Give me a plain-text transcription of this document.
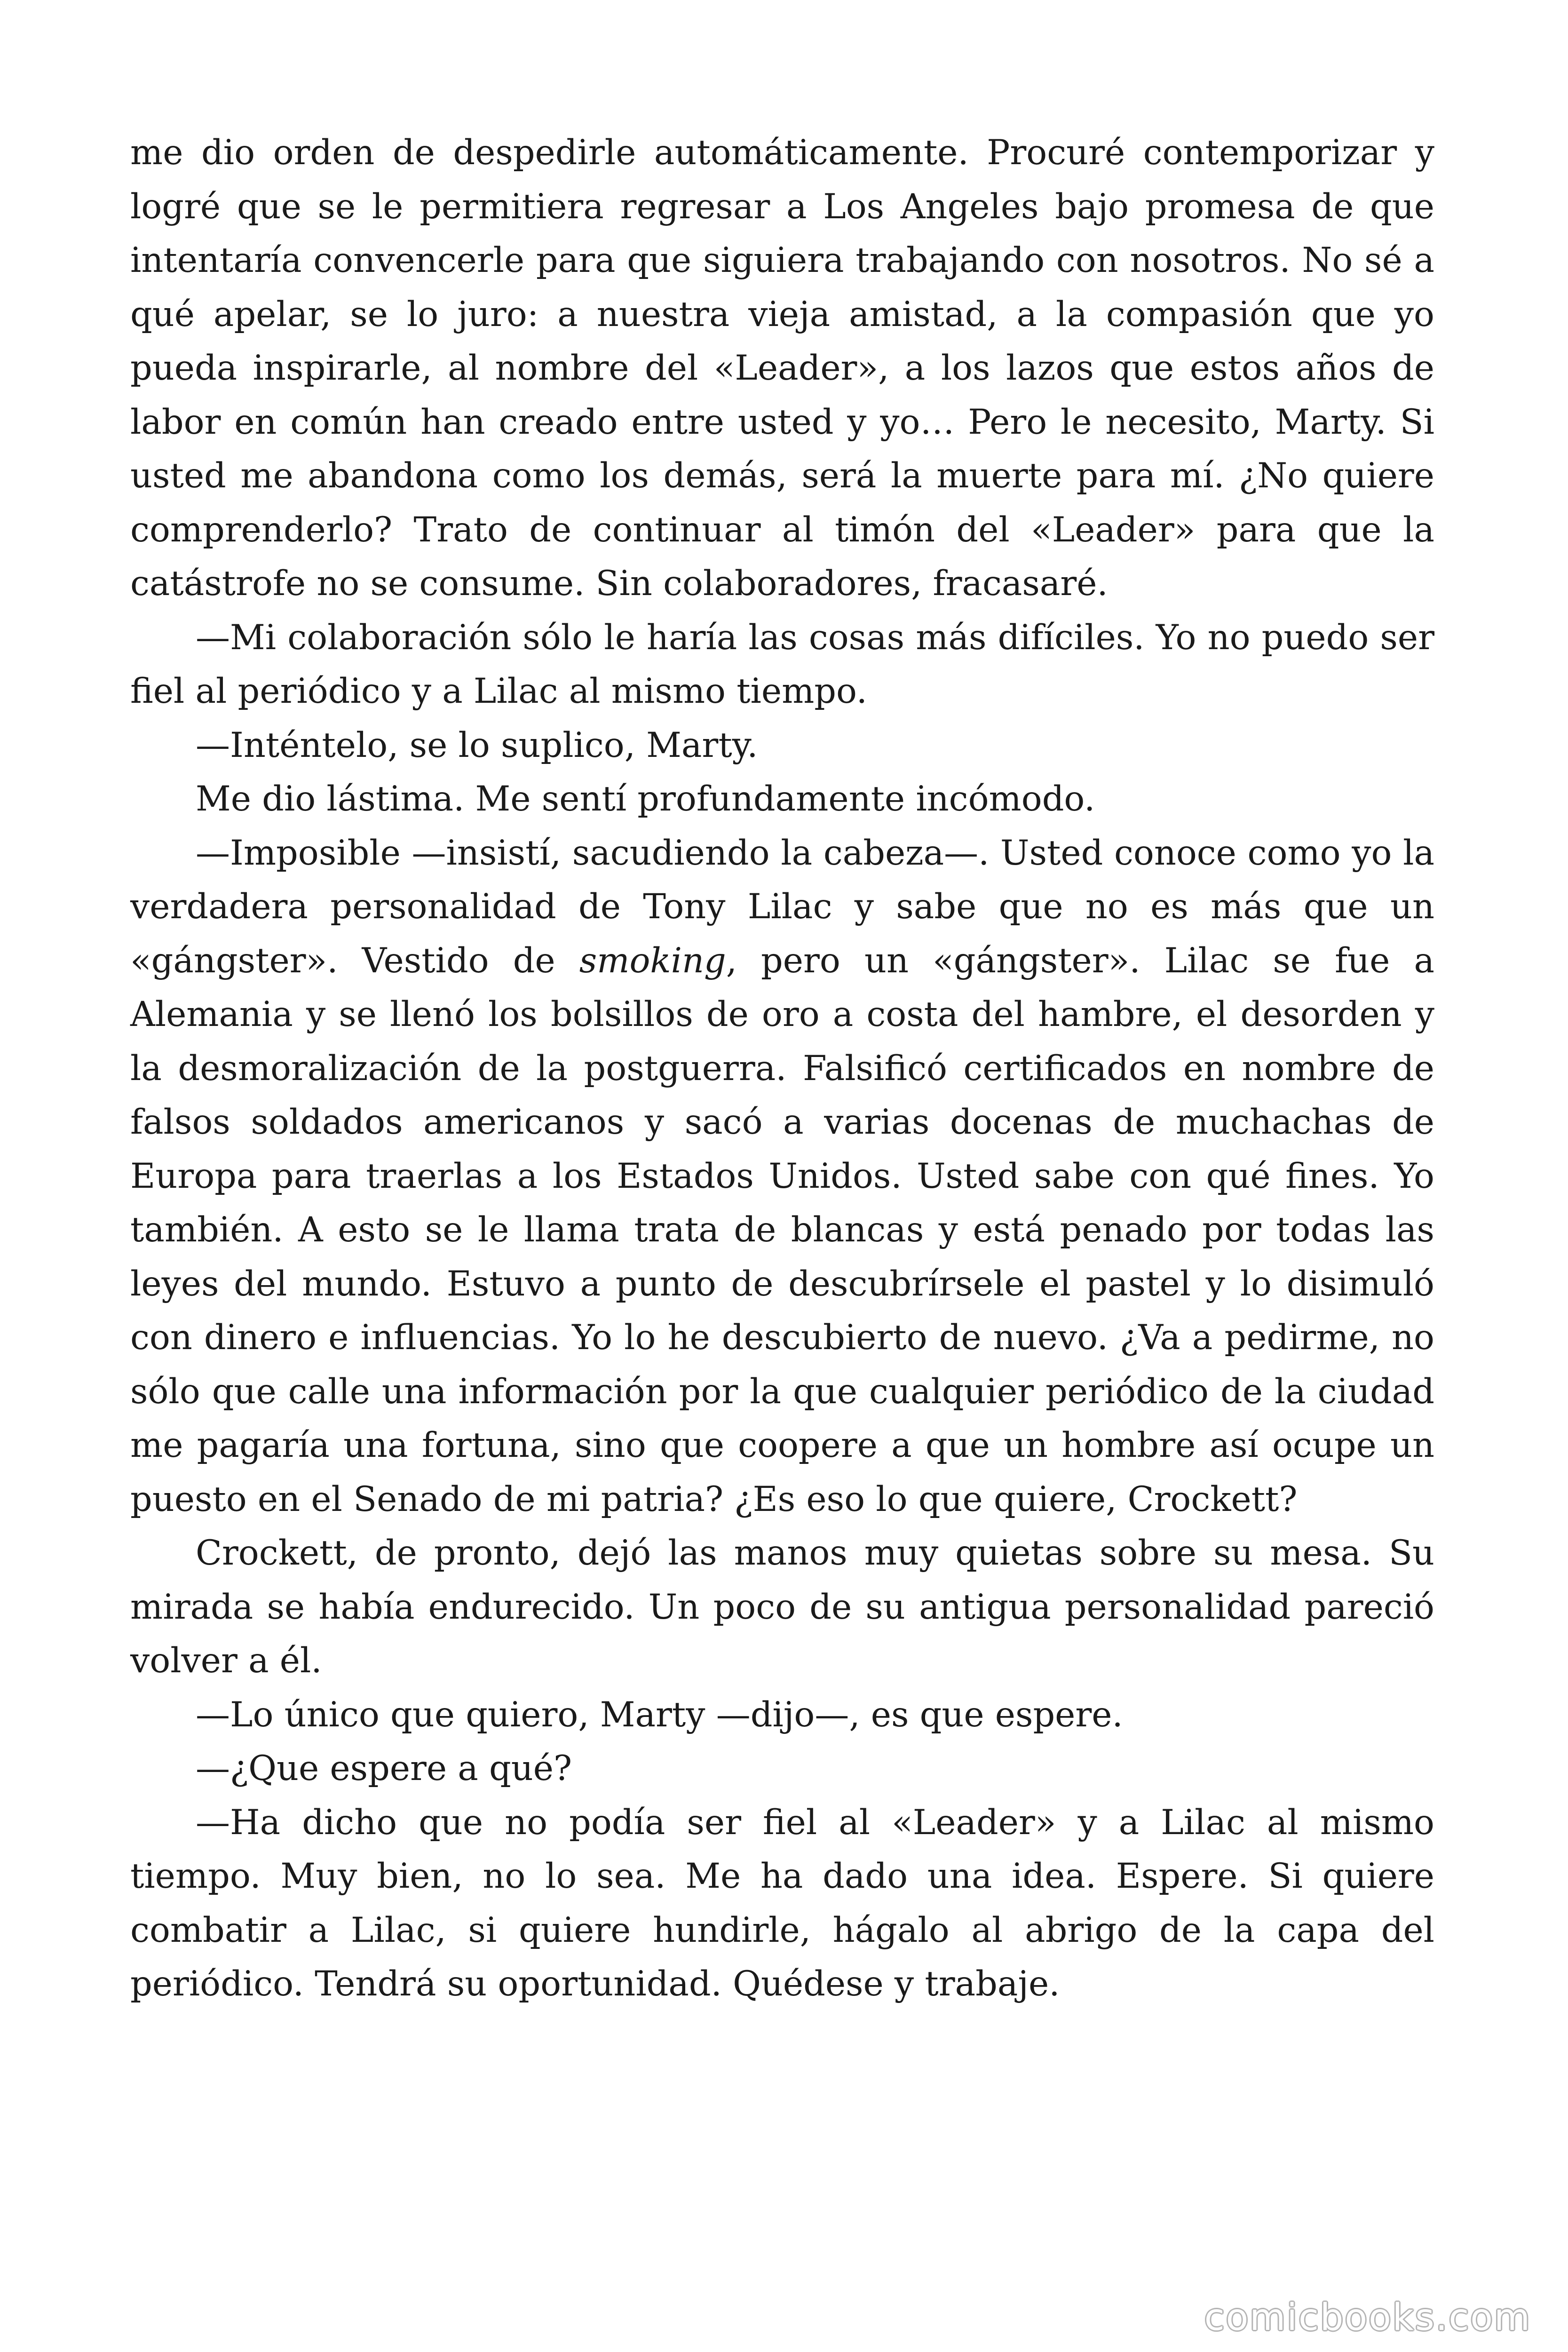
me dio orden de despedirle automáticamente. Procuré contemporizar y logré que se le permitiera regresar a Los Angeles bajo promesa de que intentaría convencerle para que siguiera trabajando con nosotros. No sé a qué apelar, se lo juro: a nuestra vieja amistad, a la compasión que yo pueda inspirarle, al nombre del «Leader», a los lazos que estos años de labor en común han creado entre usted y yo… Pero le necesito, Marty. Si usted me abandona como los demás, será la muerte para mí. ¿No quiere comprenderlo? Trato de continuar al timón del «Leader» para que la catástrofe no se consume. Sin colaboradores, fracasaré.

—Mi colaboración sólo le haría las cosas más difíciles. Yo no puedo ser fiel al periódico y a Lilac al mismo tiempo.

—Inténtelo, se lo suplico, Marty.

Me dio lástima. Me sentí profundamente incómodo.

—Imposible —insistí, sacudiendo la cabeza—. Usted conoce como yo la verdadera personalidad de Tony Lilac y sabe que no es más que un «gángster». Vestido de smoking, pero un «gángster». Lilac se fue a Alemania y se llenó los bolsillos de oro a costa del hambre, el desorden y la desmoralización de la postguerra. Falsificó certificados en nombre de falsos soldados americanos y sacó a varias docenas de muchachas de Europa para traerlas a los Estados Unidos. Usted sabe con qué fines. Yo también. A esto se le llama trata de blancas y está penado por todas las leyes del mundo. Estuvo a punto de descubrírsele el pastel y lo disimuló con dinero e influencias. Yo lo he descubierto de nuevo. ¿Va a pedirme, no sólo que calle una información por la que cualquier periódico de la ciudad me pagaría una fortuna, sino que coopere a que un hombre así ocupe un puesto en el Senado de mi patria? ¿Es eso lo que quiere, Crockett?

Crockett, de pronto, dejó las manos muy quietas sobre su mesa. Su mirada se había endurecido. Un poco de su antigua personalidad pareció volver a él.

—Lo único que quiero, Marty —dijo—, es que espere.

—¿Que espere a qué?

—Ha dicho que no podía ser fiel al «Leader» y a Lilac al mismo tiempo. Muy bien, no lo sea. Me ha dado una idea. Espere. Si quiere combatir a Lilac, si quiere hundirle, hágalo al abrigo de la capa del periódico. Tendrá su oportunidad. Quédese y trabaje.

comicbooks.com
